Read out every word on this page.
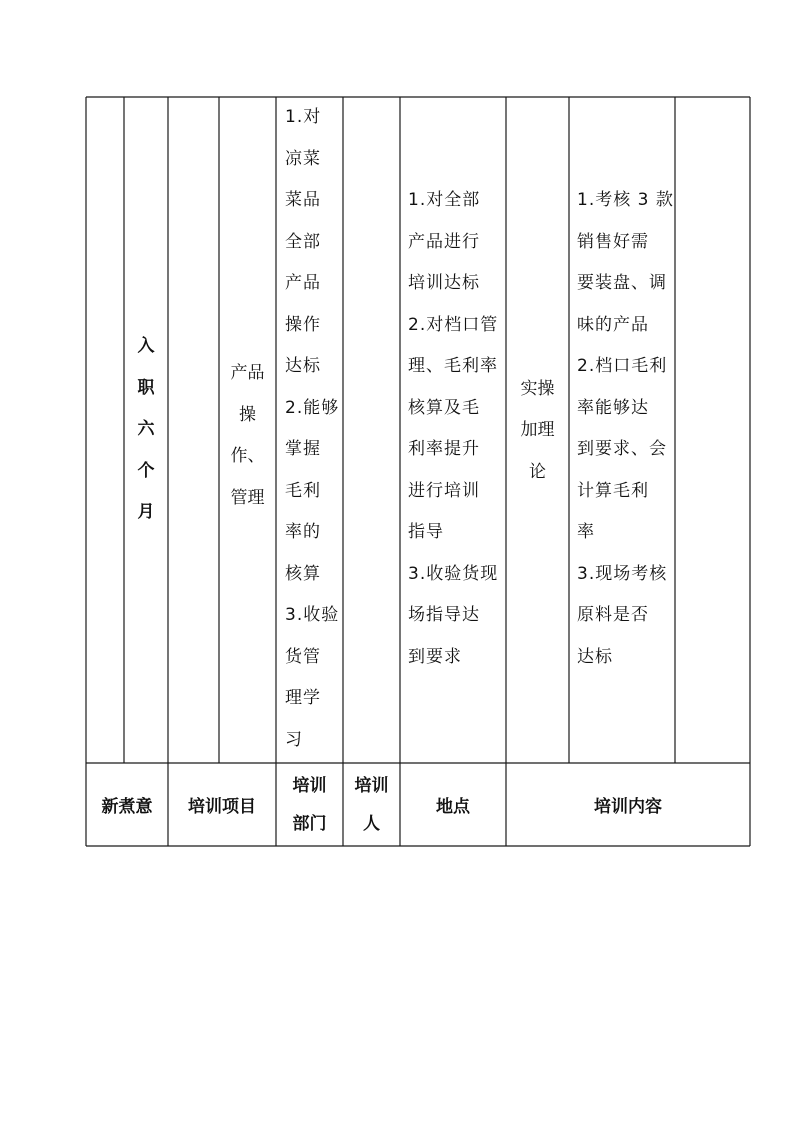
入
职
六
个
月
产品
操
作、
管理
1.对
凉菜
菜品
全部
产品
操作
达标
2.能够
掌握
毛利
率的
核算
3.收验
货管
理学
习
1.对全部
产品进行
培训达标
2.对档口管
理、毛利率
核算及毛
利率提升
进行培训
指导
3.收验货现
场指导达
到要求
实操
加理
论
1.考核 3 款
销售好需
要装盘、调
味的产品
2.档口毛利
率能够达
到要求、会
计算毛利
率
3.现场考核
原料是否
达标
新煮意 培训项目
培训
部门
培训
人
地点	培训内容
